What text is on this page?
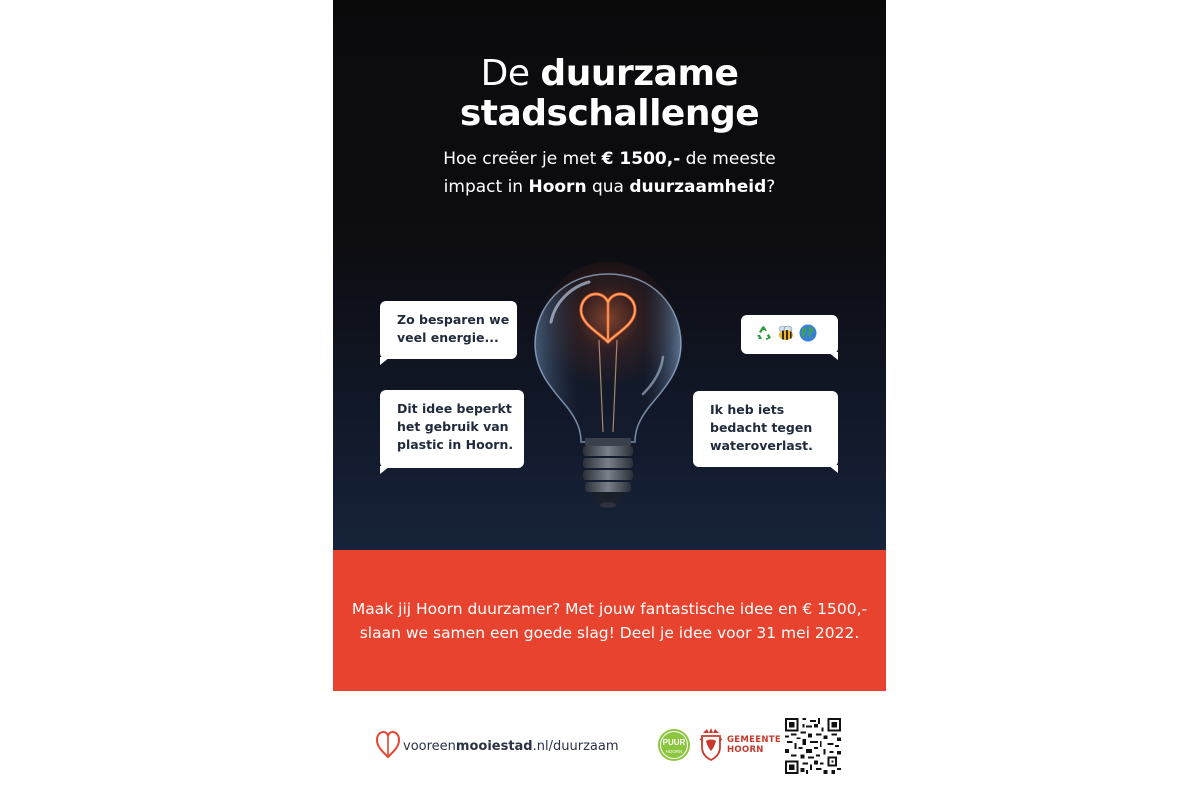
De duurzame
stadschallenge
Hoe creëer je met € 1500,- de meeste
impact in Hoorn qua duurzaamheid?
Zo besparen we
veel energie...
Dit idee beperkt
het gebruik van
plastic in Hoorn.
Ik heb iets
bedacht tegen
wateroverlast.
Maak jij Hoorn duurzamer? Met jouw fantastische idee en € 1500,-
slaan we samen een goede slag! Deel je idee voor 31 mei 2022.
vooreenmooiestad.nl/duurzaam	PUUR
HOORN
GEMEENTE
HOORN
